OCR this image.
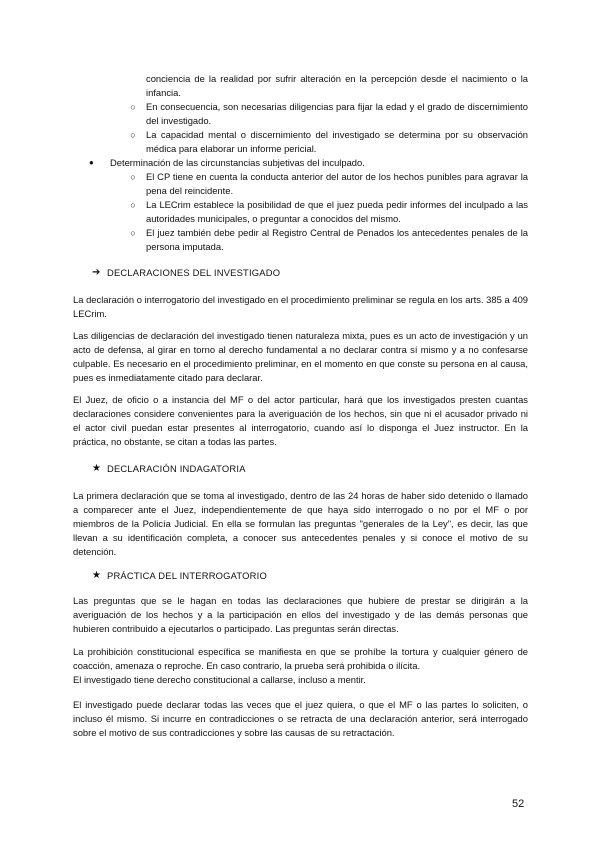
conciencia de la realidad por sufrir alteración en la percepción desde el nacimiento o la infancia.
○ En consecuencia, son necesarias diligencias para fijar la edad y el grado de discernimiento del investigado.
○ La capacidad mental o discernimiento del investigado se determina por su observación médica para elaborar un informe pericial.
●	Determinación de las circunstancias subjetivas del inculpado.
○ El CP tiene en cuenta la conducta anterior del autor de los hechos punibles para agravar la pena del reincidente.
○ La LECrim establece la posibilidad de que el juez pueda pedir informes del inculpado a las autoridades municipales, o preguntar a conocidos del mismo.
○ El juez también debe pedir al Registro Central de Penados los antecedentes penales de la persona imputada.
➔ DECLARACIONES DEL INVESTIGADO
La declaración o interrogatorio del investigado en el procedimiento preliminar se regula en los arts. 385 a 409 LECrim.
Las diligencias de declaración del investigado tienen naturaleza mixta, pues es un acto de investigación y un acto de defensa, al girar en torno al derecho fundamental a no declarar contra sí mismo y a no confesarse culpable. Es necesario en el procedimiento preliminar, en el momento en que conste su persona en al causa, pues es inmediatamente citado para declarar.
El Juez, de oficio o a instancia del MF o del actor particular, hará que los investigados presten cuantas declaraciones considere convenientes para la averiguación de los hechos, sin que ni el acusador privado ni el actor civil puedan estar presentes al interrogatorio, cuando así lo disponga el Juez instructor. En la práctica, no obstante, se citan a todas las partes.
★ DECLARACIÓN INDAGATORIA
La primera declaración que se toma al investigado, dentro de las 24 horas de haber sido detenido o llamado a comparecer ante el Juez, independientemente de que haya sido interrogado o no por el MF o por miembros de la Policía Judicial. En ella se formulan las preguntas "generales de la Ley", es decir, las que llevan a su identificación completa, a conocer sus antecedentes penales y si conoce el motivo de su detención.
★ PRÁCTICA DEL INTERROGATORIO
Las preguntas que se le hagan en todas las declaraciones que hubiere de prestar se dirigirán a la averiguación de los hechos y a la participación en ellos del investigado y de las demás personas que hubieren contribuido a ejecutarlos o participado. Las preguntas serán directas.
La prohibición constitucional específica se manifiesta en que se prohíbe la tortura y cualquier género de coacción, amenaza o reproche. En caso contrario, la prueba será prohibida o ilícita.
El investigado tiene derecho constitucional a callarse, incluso a mentir.
El investigado puede declarar todas las veces que el juez quiera, o que el MF o las partes lo soliciten, o incluso él mismo. Si incurre en contradicciones o se retracta de una declaración anterior, será interrogado sobre el motivo de sus contradicciones y sobre las causas de su retractación.
52
